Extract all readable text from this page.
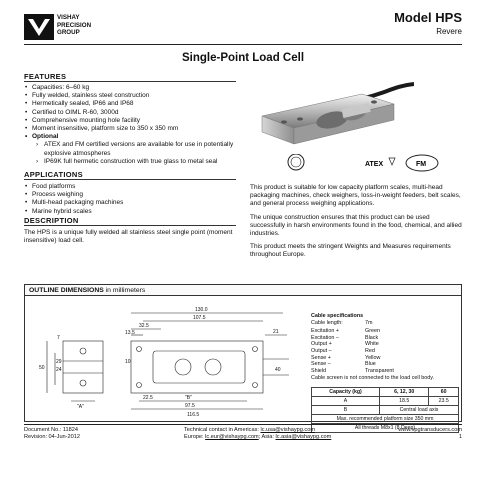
VISHAY
PRECISION
GROUP
Model HPS
Revere
Single-Point Load Cell
FEATURES
• Capacities: 6–60 kg
• Fully welded, stainless steel construction
• Hermetically sealed, IP66 and IP68
• Certified to OIML R-60, 3000d
• Comprehensive mounting hole facility
• Moment insensitive, platform size to 350 x 350 mm
• Optional
› ATEX and FM certified versions are available for use in potentially explosive atmospheres
› IP69K full hermetic construction with true glass to metal seal
APPLICATIONS
• Food platforms
• Process weighing
• Multi-head packaging machines
• Marine hybrid scales
DESCRIPTION
The HPS is a unique fully welded all stainless steel single point (moment insensitive) load cell.
ATEX	FM

This product is suitable for low capacity platform scales, multi-head packaging machines, check weighers, loss-in-weight feeders, belt scales, and general process weighing applications.

The unique construction ensures that this product can be used successfully in harsh environments found in the food, chemical, and allied industries.

This product meets the stringent Weights and Measures requirements throughout Europe.

OUTLINE DIMENSIONS in millimeters
130.0
107.5
32.5
13.5	21
7
29
24
50
10
40
22.5	"B"
97.5
116.5
"A"
Cable specifications
Cable length:	7m
Excitation +	Green
Excitation –	Black
Output +	White
Output –	Red
Sense +	Yellow
Sense –	Blue
Shield	Transparent
Cable screen is not connected to the load cell body.
Capacity (kg)	6, 12, 30	60
A	18.5	23.5
B	Central load axis	
Max. recommended platform size 350 mm		
All threads M8x1 (8 Deep)		
Document No.: 11824
Revision: 04-Jun-2012
Technical contact in Americas: lc.usa@vishaypg.com
Europe: lc.eur@vishaypg.com; Asia: lc.asia@vishaypg.com
www.vpgtransducers.com
1
